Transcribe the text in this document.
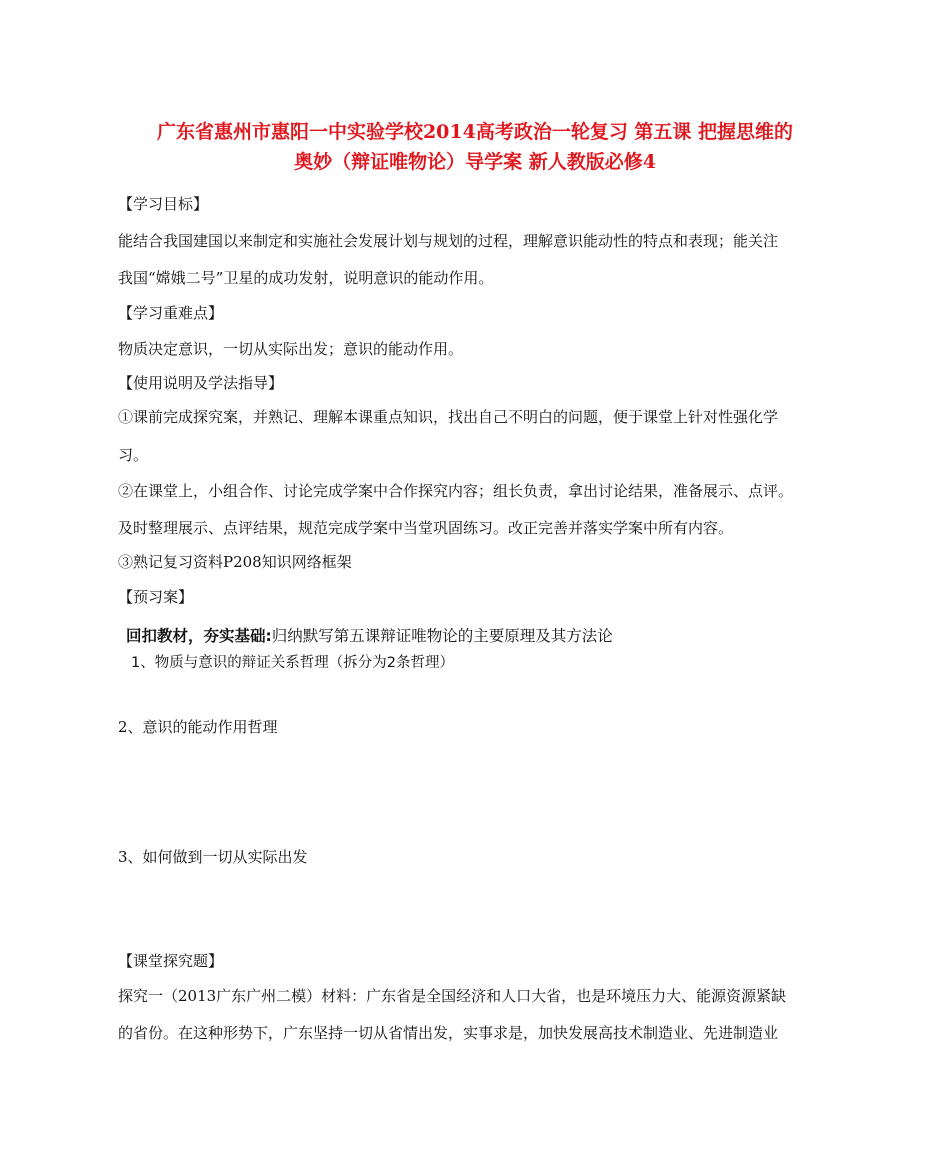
广东省惠州市惠阳一中实验学校2014高考政治一轮复习 第五课 把握思维的
奥妙（辩证唯物论）导学案 新人教版必修4
【学习目标】
能结合我国建国以来制定和实施社会发展计划与规划的过程，理解意识能动性的特点和表现；能关注
我国“嫦娥二号”卫星的成功发射，说明意识的能动作用。
【学习重难点】
物质决定意识，一切从实际出发；意识的能动作用。
【使用说明及学法指导】
①课前完成探究案，并熟记、理解本课重点知识，找出自己不明白的问题，便于课堂上针对性强化学
习。
②在课堂上，小组合作、讨论完成学案中合作探究内容；组长负责，拿出讨论结果，准备展示、点评。
及时整理展示、点评结果，规范完成学案中当堂巩固练习。改正完善并落实学案中所有内容。
③熟记复习资料P208知识网络框架
【预习案】
回扣教材，夯实基础:归纳默写第五课辩证唯物论的主要原理及其方法论
1、物质与意识的辩证关系哲理（拆分为2条哲理）
2、意识的能动作用哲理
3、如何做到一切从实际出发
【课堂探究题】
探究一（2013广东广州二模）材料：广东省是全国经济和人口大省，也是环境压力大、能源资源紧缺
的省份。在这种形势下，广东坚持一切从省情出发，实事求是，加快发展高技术制造业、先进制造业
